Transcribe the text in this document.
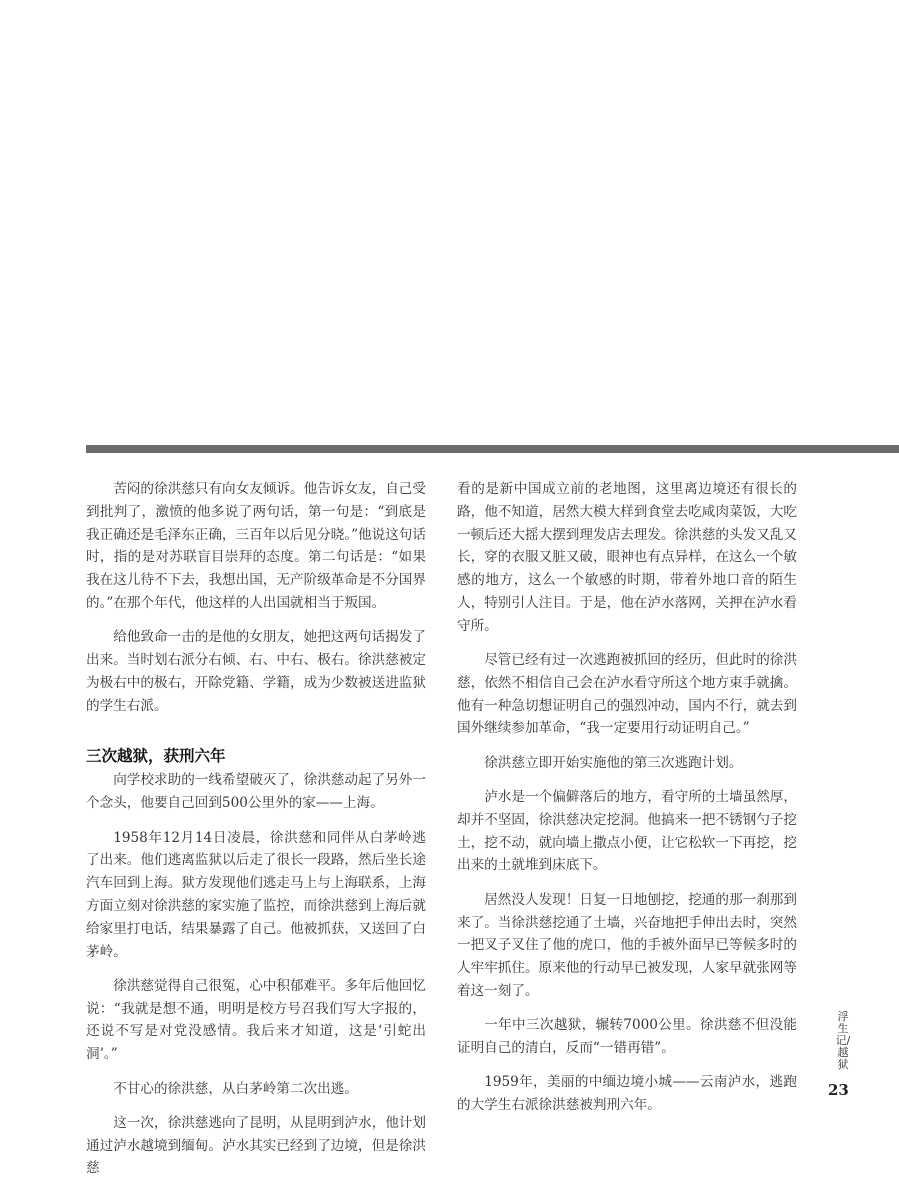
苦闷的徐洪慈只有向女友倾诉。他告诉女友，自己受到批判了，激愤的他多说了两句话，第一句是：“到底是我正确还是毛泽东正确，三百年以后见分晓。”他说这句话时，指的是对苏联盲目崇拜的态度。第二句话是：“如果我在这儿待不下去，我想出国，无产阶级革命是不分国界的。”在那个年代，他这样的人出国就相当于叛国。

给他致命一击的是他的女朋友，她把这两句话揭发了出来。当时划右派分右倾、右、中右、极右。徐洪慈被定为极右中的极右，开除党籍、学籍，成为少数被送进监狱的学生右派。

三次越狱，获刑六年

向学校求助的一线希望破灭了，徐洪慈动起了另外一个念头，他要自己回到500公里外的家——上海。

1958年12月14日凌晨，徐洪慈和同伴从白茅岭逃了出来。他们逃离监狱以后走了很长一段路，然后坐长途汽车回到上海。狱方发现他们逃走马上与上海联系，上海方面立刻对徐洪慈的家实施了监控，而徐洪慈到上海后就给家里打电话，结果暴露了自己。他被抓获，又送回了白茅岭。

徐洪慈觉得自己很冤，心中积郁难平。多年后他回忆说：“我就是想不通，明明是校方号召我们写大字报的，还说不写是对党没感情。我后来才知道，这是‘引蛇出洞’。”

不甘心的徐洪慈，从白茅岭第二次出逃。

这一次，徐洪慈逃向了昆明，从昆明到泸水，他计划通过泸水越境到缅甸。泸水其实已经到了边境，但是徐洪慈

看的是新中国成立前的老地图，这里离边境还有很长的路，他不知道，居然大模大样到食堂去吃咸肉菜饭，大吃一顿后还大摇大摆到理发店去理发。徐洪慈的头发又乱又长，穿的衣服又脏又破，眼神也有点异样，在这么一个敏感的地方，这么一个敏感的时期，带着外地口音的陌生人，特别引人注目。于是，他在泸水落网，关押在泸水看守所。

尽管已经有过一次逃跑被抓回的经历，但此时的徐洪慈，依然不相信自己会在泸水看守所这个地方束手就擒。他有一种急切想证明自己的强烈冲动，国内不行，就去到国外继续参加革命，“我一定要用行动证明自己。”

徐洪慈立即开始实施他的第三次逃跑计划。

泸水是一个偏僻落后的地方，看守所的土墙虽然厚，却并不坚固，徐洪慈决定挖洞。他搞来一把不锈钢勺子挖土，挖不动，就向墙上撒点小便，让它松软一下再挖，挖出来的土就堆到床底下。

居然没人发现！日复一日地刨挖，挖通的那一刹那到来了。当徐洪慈挖通了土墙，兴奋地把手伸出去时，突然一把叉子叉住了他的虎口，他的手被外面早已等候多时的人牢牢抓住。原来他的行动早已被发现，人家早就张网等着这一刻了。

一年中三次越狱，辗转7000公里。徐洪慈不但没能证明自己的清白，反而“一错再错”。

1959年，美丽的中缅边境小城——云南泸水，逃跑的大学生右派徐洪慈被判刑六年。

浮生记/越狱
23
